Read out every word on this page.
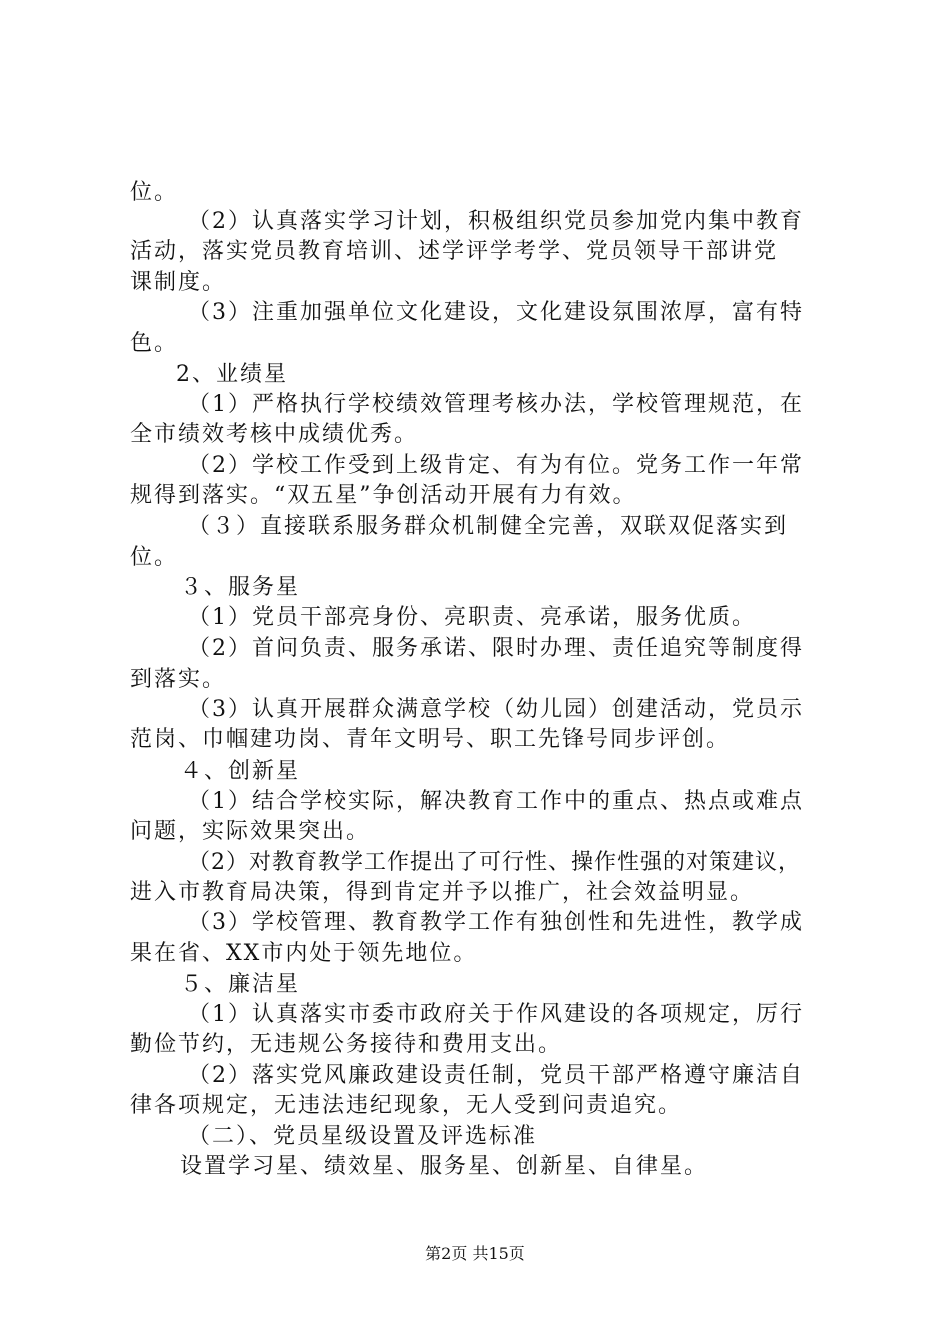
位。
（2）认真落实学习计划，积极组织党员参加党内集中教育
活动，落实党员教育培训、述学评学考学、党员领导干部讲党
课制度。
（3）注重加强单位文化建设，文化建设氛围浓厚，富有特
色。
2、业绩星
（1）严格执行学校绩效管理考核办法，学校管理规范，在
全市绩效考核中成绩优秀。
（2）学校工作受到上级肯定、有为有位。党务工作一年常
规得到落实。“双五星”争创活动开展有力有效。
（３）直接联系服务群众机制健全完善，双联双促落实到
位。
３、服务星
（1）党员干部亮身份、亮职责、亮承诺，服务优质。
（2）首问负责、服务承诺、限时办理、责任追究等制度得
到落实。
（3）认真开展群众满意学校（幼儿园）创建活动，党员示
范岗、巾帼建功岗、青年文明号、职工先锋号同步评创。
４、创新星
（1）结合学校实际，解决教育工作中的重点、热点或难点
问题，实际效果突出。
（2）对教育教学工作提出了可行性、操作性强的对策建议，
进入市教育局决策，得到肯定并予以推广，社会效益明显。
（3）学校管理、教育教学工作有独创性和先进性，教学成
果在省、XX市内处于领先地位。
５、廉洁星
（1）认真落实市委市政府关于作风建设的各项规定，厉行
勤俭节约，无违规公务接待和费用支出。
（2）落实党风廉政建设责任制，党员干部严格遵守廉洁自
律各项规定，无违法违纪现象，无人受到问责追究。
（二）、党员星级设置及评选标准
设置学习星、绩效星、服务星、创新星、自律星。
第2页 共15页
